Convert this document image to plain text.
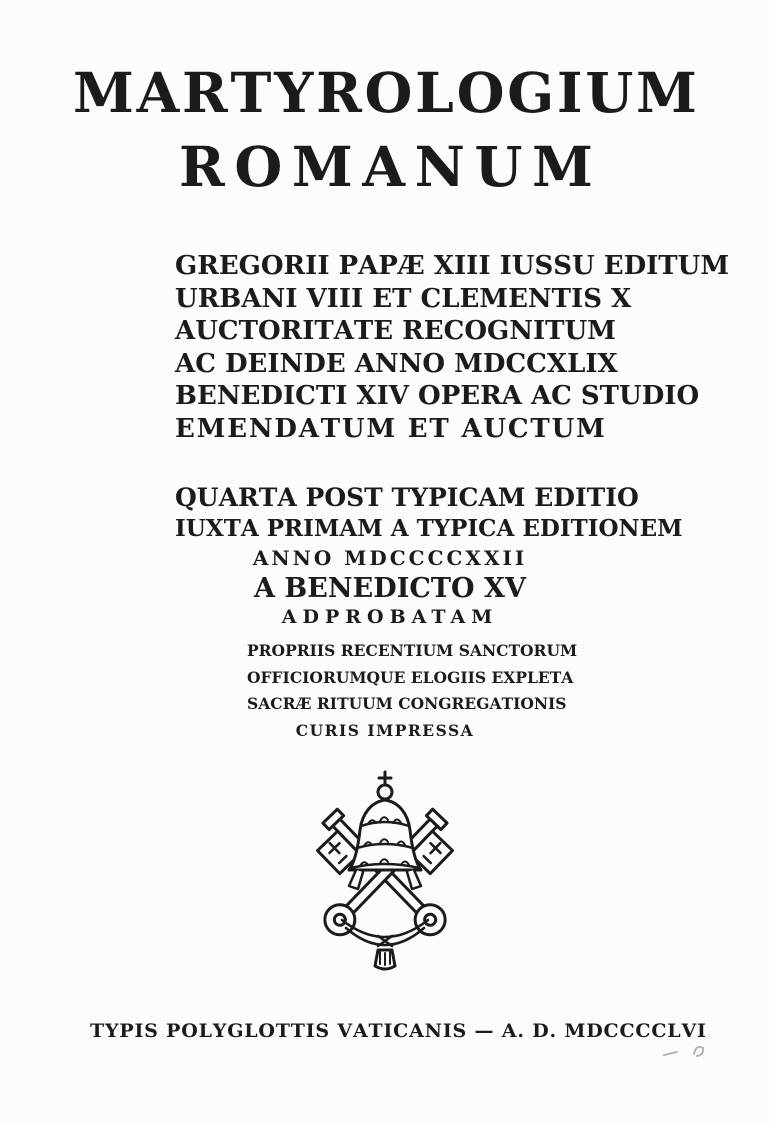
M A R T Y R O L O G I U M
R O M A N U M
G R E G O R I I
P A P Æ
X I I I
I U S S U
E D I T U M
U R B A N I
V I I I
E T
C L E M E N T I S
X
A U C T O R I T A T E
R E C O G N I T U M
A C
D E I N D E
A N N O
M D C C X L I X
B E N E D I C T I
X I V
O P E R A
A C
S T U D I O
E M E N D A T U M
E T
A U C T U M
Q U A R T A
P O S T
T Y P I C A M
E D I T I O
I U X T A
P R I M A M
A
T Y P I C A
E D I T I O N E M
ANNO MDCCCCXXII
A
B E N E D I C T O
X V
ADPROBATAM
P R O P R I I S
R E C E N T I U M
S A N C T O R U M
O F F I C I O R U M Q U E
E L O G I I S
E X P L E T A
S A C R Æ
R I T U U M
C O N G R E G A T I O N I S
CURIS IMPRESSA
T Y P I S
P O L Y G L O T T I S
V A T I C A N I S
—
A .
D .
M D C C C C L V I
